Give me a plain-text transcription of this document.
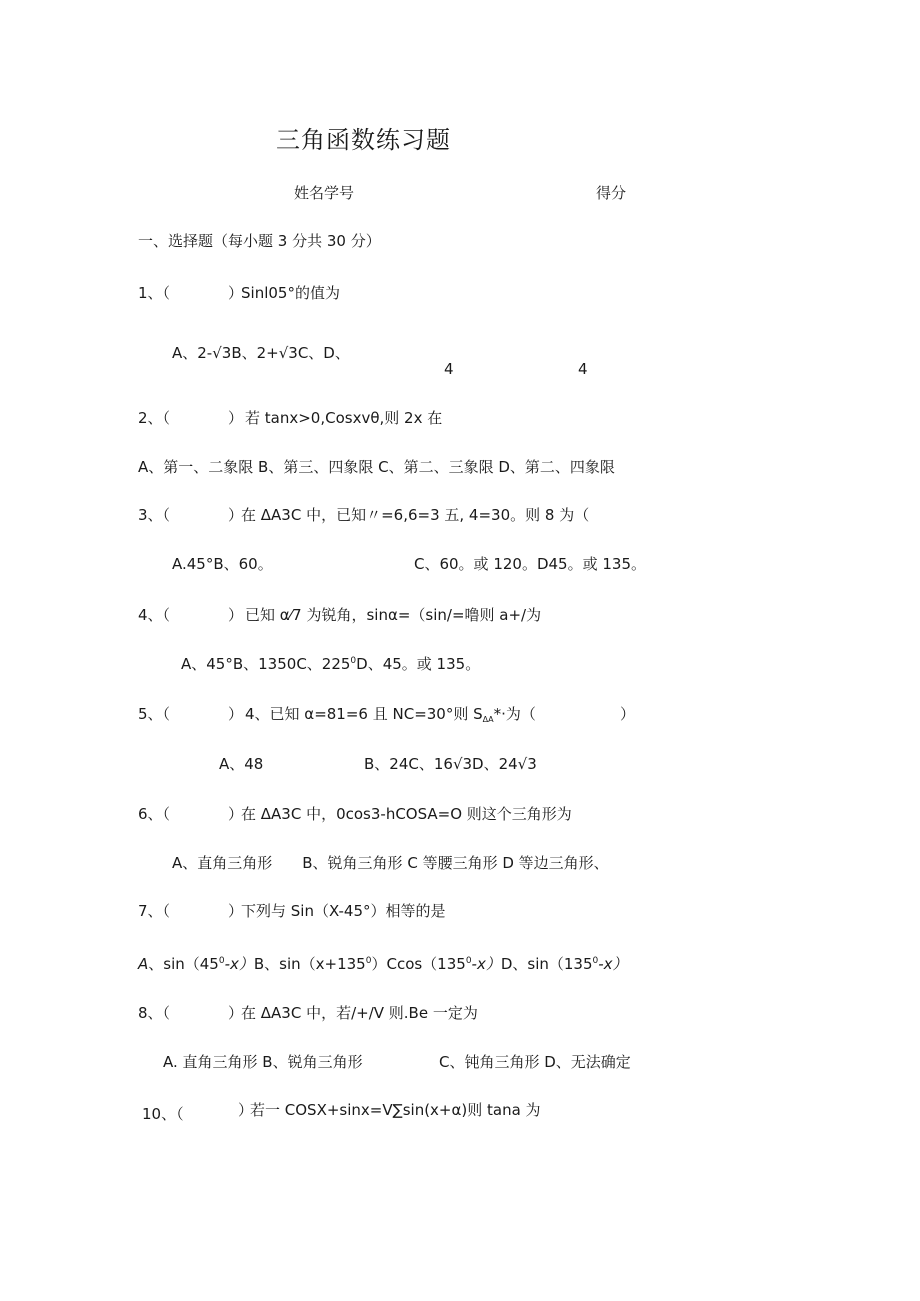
三角函数练习题
姓名学号	得分
一、选择题（每小题 3 分共 30 分）
1、（	）
Sinl05°的值为
A、2-√3B、2+√3C、D、
4	4
2、（	） 若 tanx>0,Cosxvθ,则 2x 在
A、第一、二象限 B、第三、四象限 C、第二、三象限 D、第二、四象限
3、（	）
在 ΔA3C 中，已知〃=6,6=3 五, 4=30。则 8 为（
A.45°B、60。	C、60。或 120。D45。或 135。
4、（	） 已知 α⁄7 为锐角，sinα=（sin/=噜则 a+/为
A、45°B、1350C、$225^0D$、45。或 135。
5、（	） 4、已知 α=81=6 且 NC=30°则 $S_{\Delta A}*\cdot$为（	）
A、48	B、24C、16√3D、24√3
6、（	）
在 ΔA3C 中，0cos3-hCOSA=O 则这个三角形为
A、直角三角形　　B、锐角三角形 C 等腰三角形 D 等边三角形、
7、（	）
下列与 Sin（X-45°）相等的是
A、$\sin(45^0-x)B$、$\sin(x+135^0)Ccos(135^0-x)D$、$\sin(135^0-x)$
8、（	）
在 ΔA3C 中，若/+/V 则.Be 一定为
A. 直角三角形 B、锐角三角形	C、钝角三角形 D、无法确定
10、（	）
若一 COSX+sinx=V∑sin(x+α)则 tana 为
